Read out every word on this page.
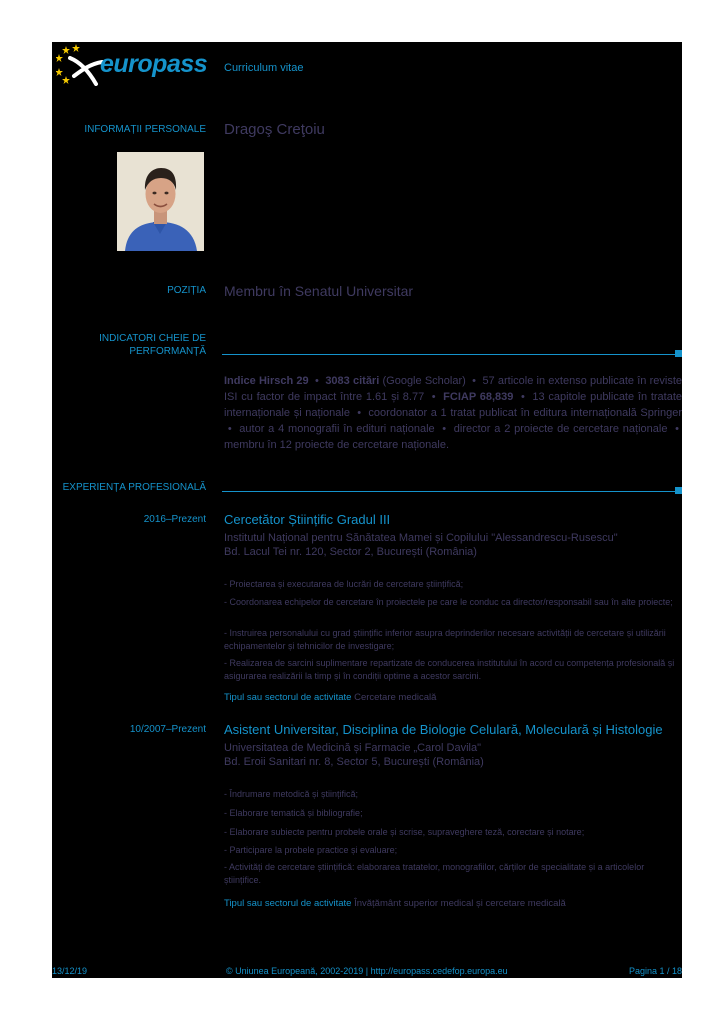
europass Curriculum vitae
INFORMAȚII PERSONALE Dragoş Creţoiu
POZIȚIA Membru în Senatul Universitar
INDICATORI CHEIE DE
PERFORMANȚĂ
Indice Hirsch 29  •  3083 citări (Google Scholar)  •  57 articole in extenso publicate în reviste ISI cu factor de impact între 1.61 și 8.77  •  FCIAP 68,839  •  13 capitole publicate în tratate internaționale și naționale  •  coordonator a 1 tratat publicat în editura internațională Springer  •  autor a 4 monografii în edituri naționale  •  director a 2 proiecte de cercetare naționale  •  membru în 12 proiecte de cercetare naționale.
EXPERIENȚA PROFESIONALĂ
2016–Prezent Cercetător Științific Gradul III
Institutul Național pentru Sănătatea Mamei și Copilului "Alessandrescu-Rusescu"
Bd. Lacul Tei nr. 120, Sector 2, București (România)
- Proiectarea și executarea de lucrări de cercetare științifică;
- Coordonarea echipelor de cercetare în proiectele pe care le conduc ca director/responsabil sau în alte proiecte;
- Instruirea personalului cu grad științific inferior asupra deprinderilor necesare activității de cercetare și utilizării echipamentelor și tehnicilor de investigare;
- Realizarea de sarcini suplimentare repartizate de conducerea institutului în acord cu competența profesională și asigurarea realizării la timp și în condiții optime a acestor sarcini.
Tipul sau sectorul de activitate Cercetare medicală
10/2007–Prezent Asistent Universitar, Disciplina de Biologie Celulară, Moleculară și Histologie
Universitatea de Medicină și Farmacie „Carol Davila"
Bd. Eroii Sanitari nr. 8, Sector 5, București (România)
- Îndrumare metodică și științifică;
- Elaborare tematică și bibliografie;
- Elaborare subiecte pentru probele orale și scrise, supraveghere teză, corectare și notare;
- Participare la probele practice și evaluare;
- Activități de cercetare științifică: elaborarea tratatelor, monografiilor, cărților de specialitate și a articolelor științifice.
Tipul sau sectorul de activitate Învățământ superior medical și cercetare medicală
13/12/19	© Uniunea Europeană, 2002-2019 | http://europass.cedefop.europa.eu	Pagina 1 / 18
